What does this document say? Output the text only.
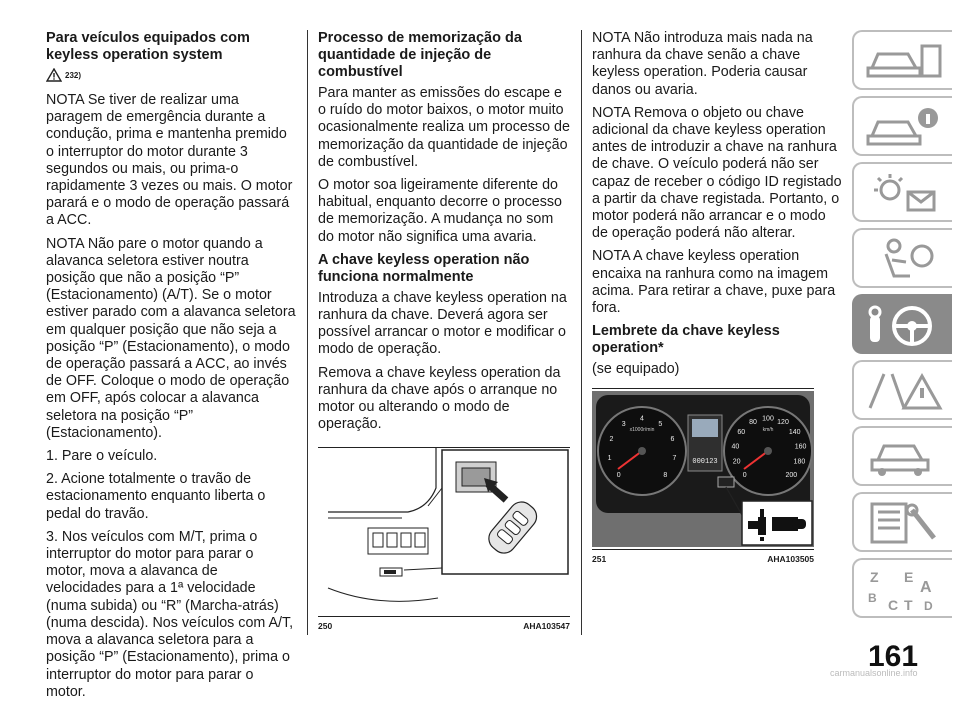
Para veículos equipados com keyless operation system
232)

NOTA Se tiver de realizar uma paragem de emergência durante a condução, prima e mantenha premido o interruptor do motor durante 3 segundos ou mais, ou prima-o rapidamente 3 vezes ou mais. O motor parará e o modo de operação passará a ACC.

NOTA Não pare o motor quando a alavanca seletora estiver noutra posição que não a posição “P” (Estacionamento) (A/T). Se o motor estiver parado com a alavanca seletora em qualquer posição que não seja a posição “P” (Estacionamento), o modo de operação passará a ACC, ao invés de OFF. Coloque o modo de operação em OFF, após colocar a alavanca seletora na posição “P” (Estacionamento).

1. Pare o veículo.

2. Acione totalmente o travão de estacionamento enquanto liberta o pedal do travão.

3. Nos veículos com M/T, prima o interruptor do motor para parar o motor, mova a alavanca de velocidades para a 1ª velocidade (numa subida) ou “R” (Marcha-atrás) (numa descida). Nos veículos com A/T, mova a alavanca seletora para a posição “P” (Estacionamento), prima o interruptor do motor para parar o motor.

Processo de memorização da quantidade de injeção de combustível

Para manter as emissões do escape e o ruído do motor baixos, o motor muito ocasionalmente realiza um processo de memorização da quantidade de injeção de combustível.

O motor soa ligeiramente diferente do habitual, enquanto decorre o processo de memorização. A mudança no som do motor não significa uma avaria.

A chave keyless operation não funciona normalmente

Introduza a chave keyless operation na ranhura da chave. Deverá agora ser possível arrancar o motor e modificar o modo de operação.

Remova a chave keyless operation da ranhura da chave após o arranque no motor ou alterando o modo de operação.

250	AHA103547

NOTA Não introduza mais nada na ranhura da chave senão a chave keyless operation. Poderia causar danos ou avaria.

NOTA Remova o objeto ou chave adicional da chave keyless operation antes de introduzir a chave na ranhura de chave. O veículo poderá não ser capaz de receber o código ID registado a partir da chave registada. Portanto, o motor poderá não arrancar e o modo de operação poderá não alterar.

NOTA A chave keyless operation encaixa na ranhura como na imagem acima. Para retirar a chave, puxe para fora.

Lembrete da chave keyless operation*

(se equipado)

0
1
2
3
4
5
6
7
8
x1000r/min
000123
0
20
40
60
80
100
120
140
160
180
200
km/h
251	AHA103505
Z E
A
B C T D
161
carmanualsonline.info
